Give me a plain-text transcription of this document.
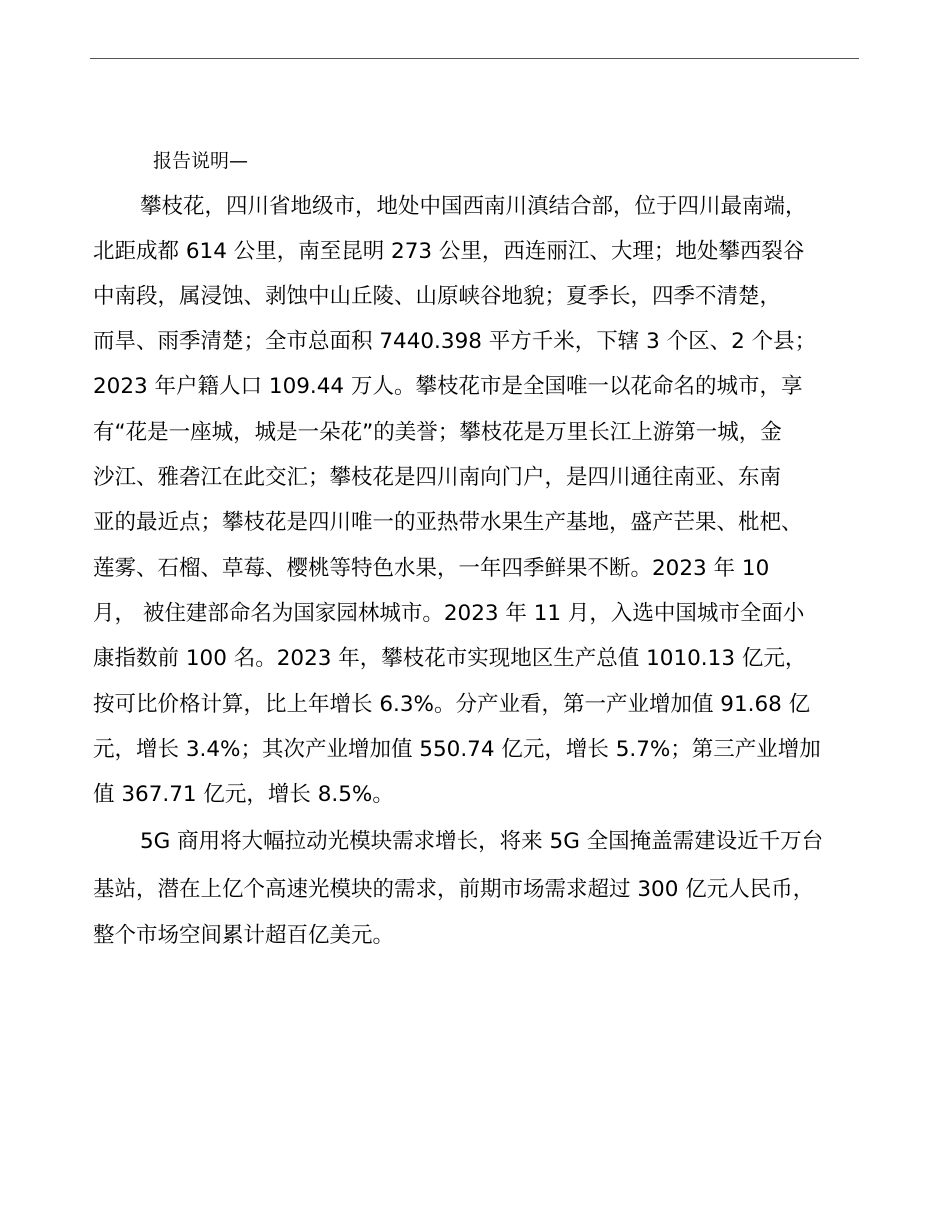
报告说明—
攀枝花，四川省地级市，地处中国西南川滇结合部，位于四川最南端，
北距成都 614 公里，南至昆明 273 公里，西连丽江、大理；地处攀西裂谷
中南段，属浸蚀、剥蚀中山丘陵、山原峡谷地貌；夏季长，四季不清楚，
而旱、雨季清楚；全市总面积 7440.398 平方千米，下辖 3 个区、2 个县；
2023 年户籍人口 109.44 万人。攀枝花市是全国唯一以花命名的城市，享
有“花是一座城，城是一朵花”的美誉；攀枝花是万里长江上游第一城，金
沙江、雅砻江在此交汇；攀枝花是四川南向门户，是四川通往南亚、东南
亚的最近点；攀枝花是四川唯一的亚热带水果生产基地，盛产芒果、枇杷、
莲雾、石榴、草莓、樱桃等特色水果，一年四季鲜果不断。2023 年 10
月， 被住建部命名为国家园林城市。2023 年 11 月，入选中国城市全面小
康指数前 100 名。2023 年，攀枝花市实现地区生产总值 1010.13 亿元，
按可比价格计算，比上年增长 6.3%。分产业看，第一产业增加值 91.68 亿
元，增长 3.4%；其次产业增加值 550.74 亿元，增长 5.7%；第三产业增加
值 367.71 亿元，增长 8.5%。
5G 商用将大幅拉动光模块需求增长，将来 5G 全国掩盖需建设近千万台
基站，潜在上亿个高速光模块的需求，前期市场需求超过 300 亿元人民币，
整个市场空间累计超百亿美元。
